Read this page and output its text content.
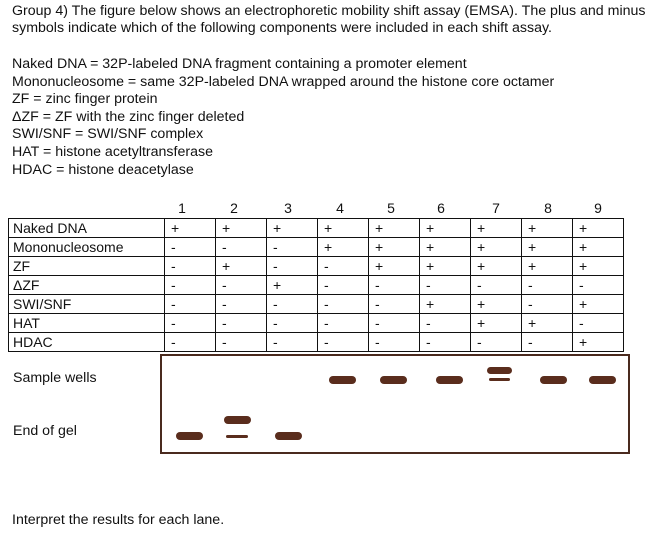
Group 4) The figure below shows an electrophoretic mobility shift assay (EMSA). The plus and minus symbols indicate which of the following components were included in each shift assay.
Naked DNA = 32P-labeled DNA fragment containing a promoter element
Mononucleosome = same 32P-labeled DNA wrapped around the histone core octamer
ZF = zinc finger protein
ΔZF = ZF with the zinc finger deleted
SWI/SNF = SWI/SNF complex
HAT = histone acetyltransferase
HDAC = histone deacetylase
1	2	3	4	5	6	7	8	9
Naked DNA	+	+	+	+	+	+	+	+	+
Mononucleosome	-	-	-	+	+	+	+	+	+
ZF	-	+	-	-	+	+	+	+	+
ΔZF	-	-	+	-	-	-	-	-	-
SWI/SNF	-	-	-	-	-	+	+	-	+
HAT	-	-	-	-	-	-	+	+	-
HDAC	-	-	-	-	-	-	-	-	+
Sample wells
End of gel
Interpret the results for each lane.
